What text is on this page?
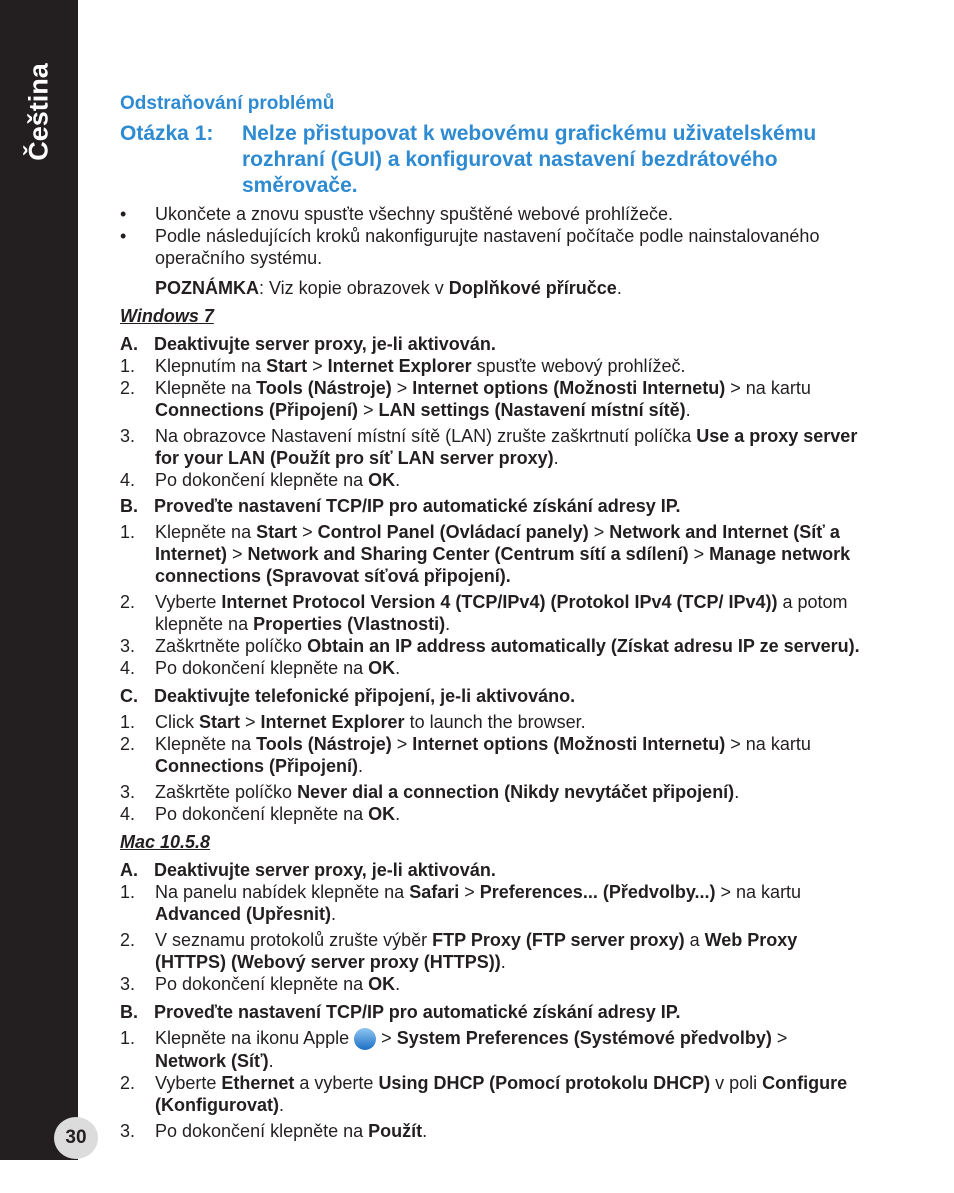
Čeština
30
Odstraňování problémů
Otázka 1:	Nelze přistupovat k webovému grafickému uživatelskému rozhraní (GUI) a konfigurovat nastavení bezdrátového směrovače.
• Ukončete a znovu spusťte všechny spuštěné webové prohlížeče.
• Podle následujících kroků nakonfigurujte nastavení počítače podle nainstalovaného operačního systému.
POZNÁMKA: Viz kopie obrazovek v Doplňkové příručce.
Windows 7
A. Deaktivujte server proxy, je-li aktivován.
1.	Klepnutím na Start > Internet Explorer spusťte webový prohlížeč.
2.	Klepněte na Tools (Nástroje) > Internet options (Možnosti Internetu) > na kartu Connections (Připojení) > LAN settings (Nastavení místní sítě).
3.	Na obrazovce Nastavení místní sítě (LAN) zrušte zaškrtnutí políčka Use a proxy server for your LAN (Použít pro síť LAN server proxy).
4.	Po dokončení klepněte na OK.
B. Proveďte nastavení TCP/IP pro automatické získání adresy IP.
1.	Klepněte na Start > Control Panel (Ovládací panely) > Network and Internet (Síť a Internet) > Network and Sharing Center (Centrum sítí a sdílení) > Manage network connections (Spravovat síťová připojení).
2.	Vyberte Internet Protocol Version 4 (TCP/IPv4) (Protokol IPv4 (TCP/ IPv4)) a potom klepněte na Properties (Vlastnosti).
3.	Zaškrtněte políčko Obtain an IP address automatically (Získat adresu IP ze serveru).
4.	Po dokončení klepněte na OK.
C. Deaktivujte telefonické připojení, je-li aktivováno.
1.	Click Start > Internet Explorer to launch the browser.
2.	Klepněte na Tools (Nástroje) > Internet options (Možnosti Internetu) > na kartu Connections (Připojení).
3.	Zaškrtěte políčko Never dial a connection (Nikdy nevytáčet připojení).
4.	Po dokončení klepněte na OK.
Mac 10.5.8
A. Deaktivujte server proxy, je-li aktivován.
1.	Na panelu nabídek klepněte na Safari > Preferences... (Předvolby...) > na kartu Advanced (Upřesnit).
2.	V seznamu protokolů zrušte výběr FTP Proxy (FTP server proxy) a Web Proxy (HTTPS) (Webový server proxy (HTTPS)).
3.	Po dokončení klepněte na OK.
B. Proveďte nastavení TCP/IP pro automatické získání adresy IP.
1.	Klepněte na ikonu Apple  > System Preferences (Systémové předvolby) > Network (Síť).
2.	Vyberte Ethernet a vyberte Using DHCP (Pomocí protokolu DHCP) v poli Configure (Konfigurovat).
3.	Po dokončení klepněte na Použít.
